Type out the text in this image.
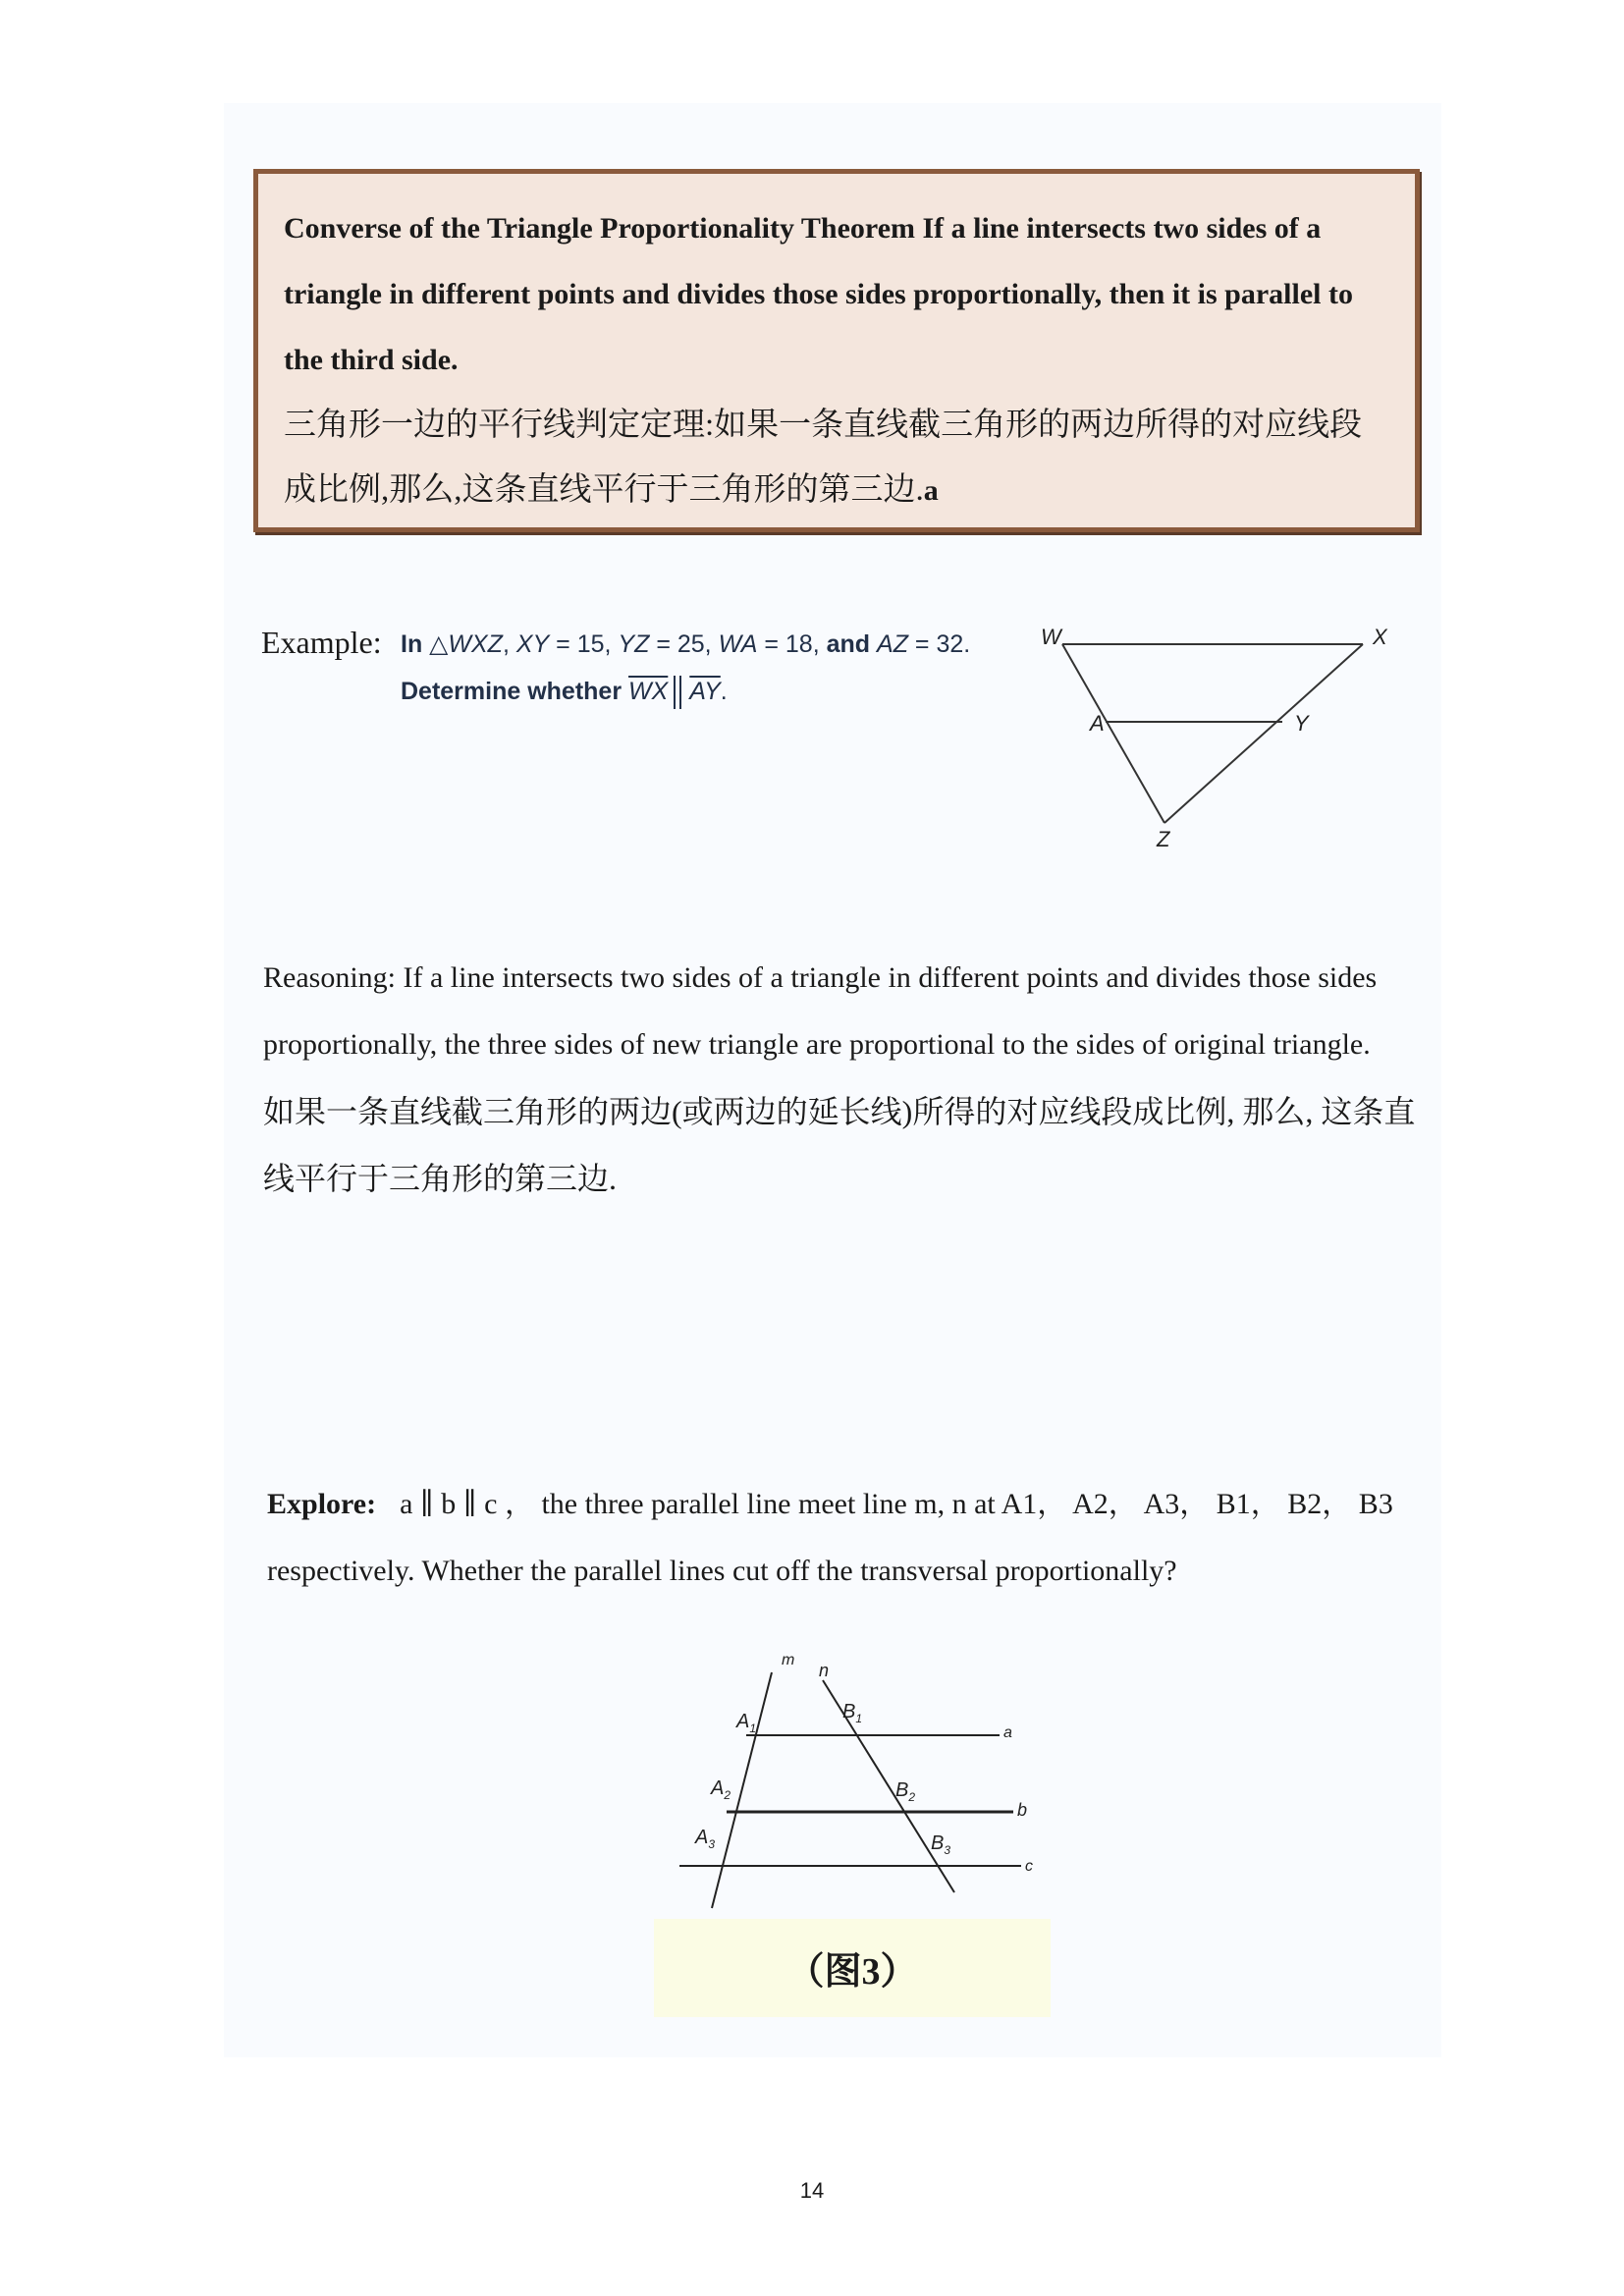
Converse of the Triangle Proportionality Theorem If a line intersects two sides of a triangle in different points and divides those sides proportionally, then it is parallel to the third side.

三角形一边的平行线判定定理:如果一条直线截三角形的两边所得的对应线段成比例,那么,这条直线平行于三角形的第三边.a

Example: In △WXZ, XY = 15, YZ = 25, WA = 18, and AZ = 32.
Determine whether $\overline{WX}$ $\overline{AY}$.
W	X
A	Y
Z

Reasoning: If a line intersects two sides of a triangle in different points and divides those sides proportionally, the three sides of new triangle are proportional to the sides of original triangle.

如果一条直线截三角形的两边(或两边的延长线)所得的对应线段成比例, 那么, 这条直线平行于三角形的第三边.

Explore: a ∥ b ∥ c ， the three parallel line meet line m, n at A1， A2， A3， B1， B2， B3 respectively. Whether the parallel lines cut off the transversal proportionally?
m
n
$A_1$
$B_1$
$A_2$	$B_2$
$A_3$	$B_3$
a
b
c
（图3）
14
